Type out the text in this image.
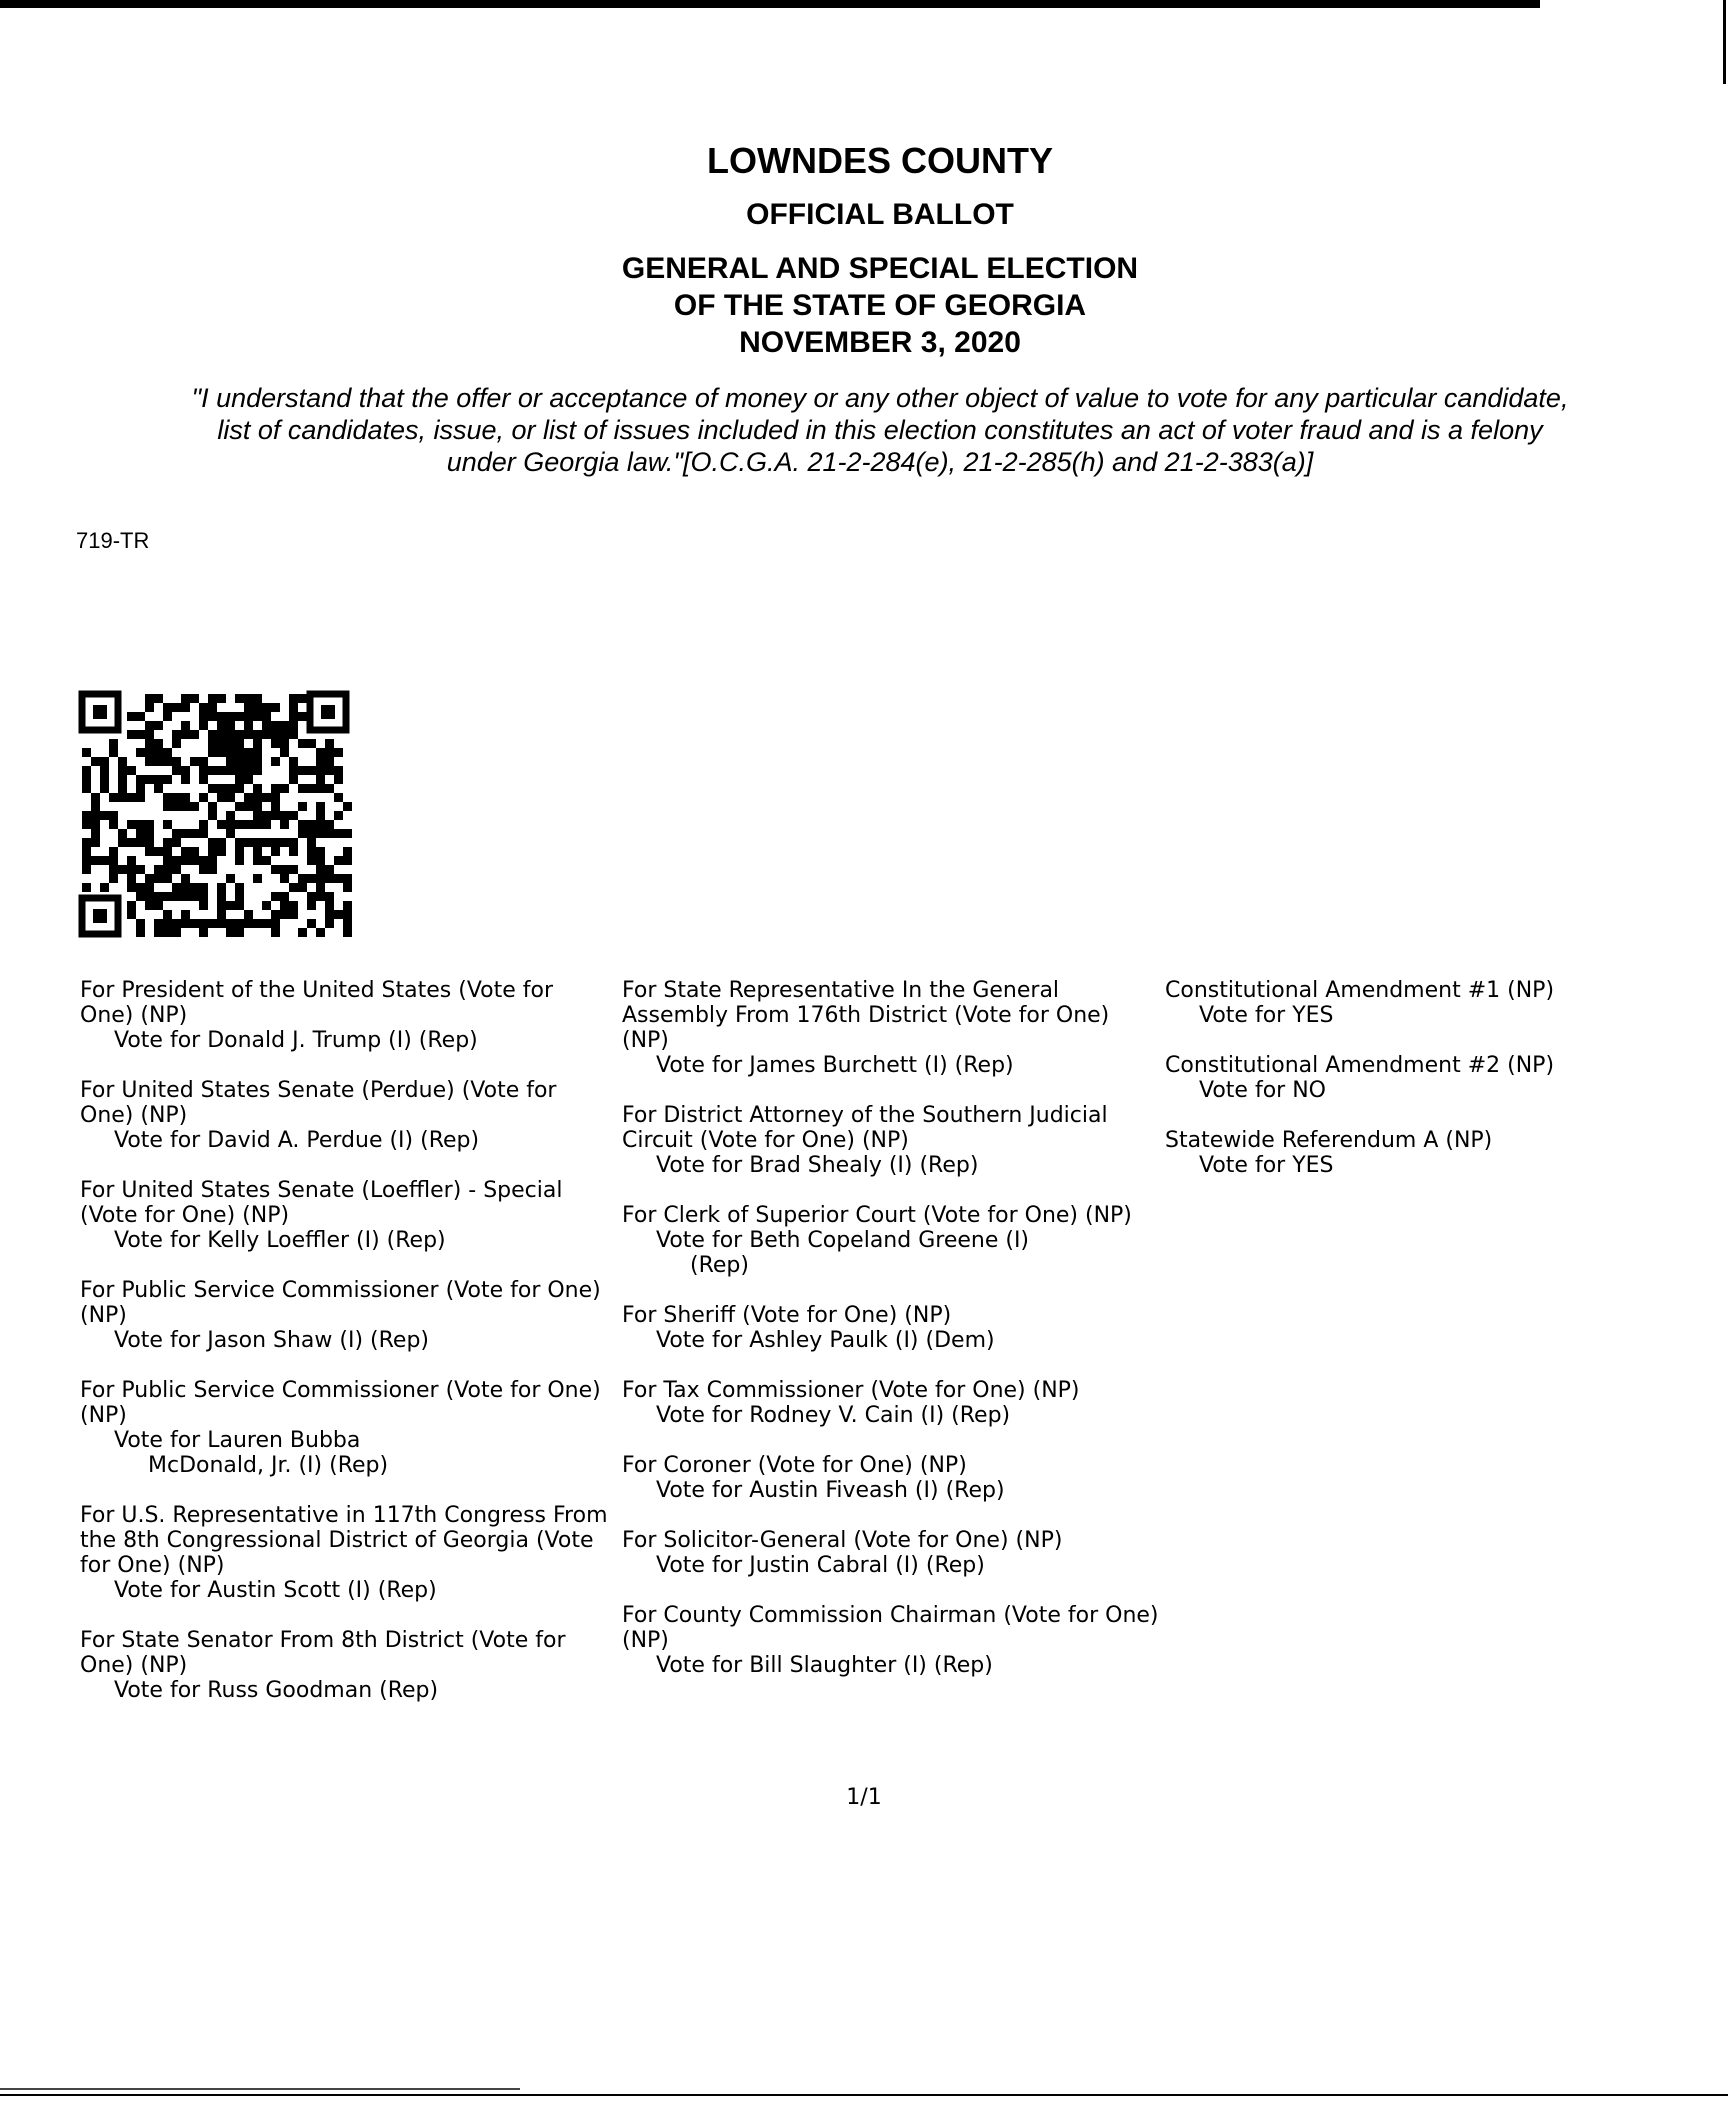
LOWNDES COUNTY
OFFICIAL BALLOT
GENERAL AND SPECIAL ELECTION
OF THE STATE OF GEORGIA
NOVEMBER 3, 2020
"I understand that the offer or acceptance of money or any other object of value to vote for any particular candidate,
list of candidates, issue, or list of issues included in this election constitutes an act of voter fraud and is a felony
under Georgia law."[O.C.G.A. 21-2-284(e), 21-2-285(h) and 21-2-383(a)]
719-TR
For President of the United States (Vote for One) (NP)
Vote for Donald J. Trump (I) (Rep)
For United States Senate (Perdue) (Vote for One) (NP)
Vote for David A. Perdue (I) (Rep)
For United States Senate (Loeffler) - Special (Vote for One) (NP)
Vote for Kelly Loeffler (I) (Rep)
For Public Service Commissioner (Vote for One) (NP)
Vote for Jason Shaw (I) (Rep)
For Public Service Commissioner (Vote for One) (NP)
Vote for Lauren Bubba
McDonald, Jr. (I) (Rep)
For U.S. Representative in 117th Congress From the 8th Congressional District of Georgia (Vote for One) (NP)
Vote for Austin Scott (I) (Rep)
For State Senator From 8th District (Vote for One) (NP)
Vote for Russ Goodman (Rep)
For State Representative In the General Assembly From 176th District (Vote for One) (NP)
Vote for James Burchett (I) (Rep)
For District Attorney of the Southern Judicial Circuit (Vote for One) (NP)
Vote for Brad Shealy (I) (Rep)
For Clerk of Superior Court (Vote for One) (NP)
Vote for Beth Copeland Greene (I)
(Rep)
For Sheriff (Vote for One) (NP)
Vote for Ashley Paulk (I) (Dem)
For Tax Commissioner (Vote for One) (NP)
Vote for Rodney V. Cain (I) (Rep)
For Coroner (Vote for One) (NP)
Vote for Austin Fiveash (I) (Rep)
For Solicitor-General (Vote for One) (NP)
Vote for Justin Cabral (I) (Rep)
For County Commission Chairman (Vote for One) (NP)
Vote for Bill Slaughter (I) (Rep)
Constitutional Amendment #1 (NP)
Vote for YES
Constitutional Amendment #2 (NP)
Vote for NO
Statewide Referendum A (NP)
Vote for YES
1/1
